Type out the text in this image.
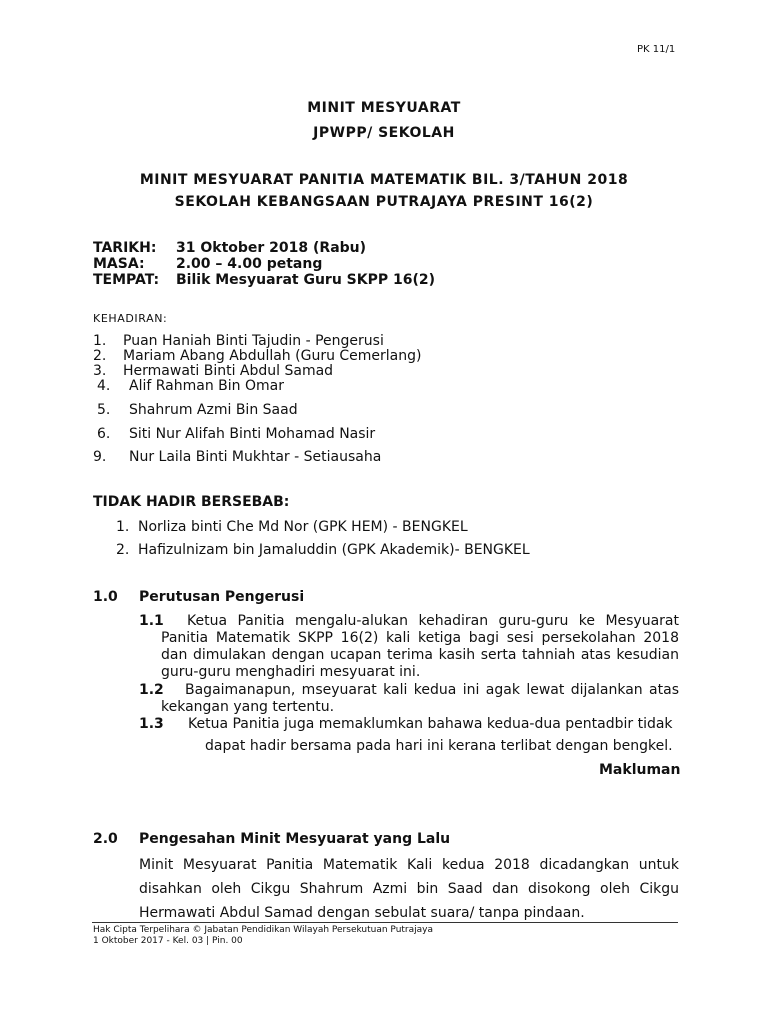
PK 11/1
MINIT MESYUARAT
JPWPP/ SEKOLAH
MINIT MESYUARAT PANITIA MATEMATIK BIL. 3/TAHUN 2018
SEKOLAH KEBANGSAAN PUTRAJAYA PRESINT 16(2)
TARIKH: 31 Oktober 2018 (Rabu)
MASA: 2.00 – 4.00 petang
TEMPAT: Bilik Mesyuarat Guru SKPP 16(2)
KEHADIRAN:
1. Puan Haniah Binti Tajudin - Pengerusi
2. Mariam Abang Abdullah (Guru Cemerlang)
3. Hermawati Binti Abdul Samad
4. Alif Rahman Bin Omar
5. Shahrum Azmi Bin Saad
6. Siti Nur Alifah Binti Mohamad Nasir
9. Nur Laila Binti Mukhtar - Setiausaha
TIDAK HADIR BERSEBAB:
1. Norliza binti Che Md Nor (GPK HEM) - BENGKEL
2. Hafizulnizam bin Jamaluddin (GPK Akademik)- BENGKEL
1.0 Perutusan Pengerusi
1.1	Ketua Panitia mengalu-alukan kehadiran guru-guru ke Mesyuarat Panitia Matematik SKPP 16(2) kali ketiga bagi sesi persekolahan 2018 dan dimulakan dengan ucapan terima kasih serta tahniah atas kesudian guru-guru menghadiri mesyuarat ini.
1.2	Bagaimanapun, mseyuarat kali kedua ini agak lewat dijalankan atas kekangan yang tertentu.
1.3 Ketua Panitia juga memaklumkan bahawa kedua-dua pentadbir tidak
dapat hadir bersama pada hari ini kerana terlibat dengan bengkel.
Makluman
2.0 Pengesahan Minit Mesyuarat yang Lalu
Minit Mesyuarat Panitia Matematik Kali kedua 2018 dicadangkan untuk disahkan oleh Cikgu Shahrum Azmi bin Saad dan disokong oleh Cikgu Hermawati Abdul Samad dengan sebulat suara/ tanpa pindaan.
Hak Cipta Terpelihara © Jabatan Pendidikan Wilayah Persekutuan Putrajaya
1 Oktober 2017 - Kel. 03 | Pin. 00
